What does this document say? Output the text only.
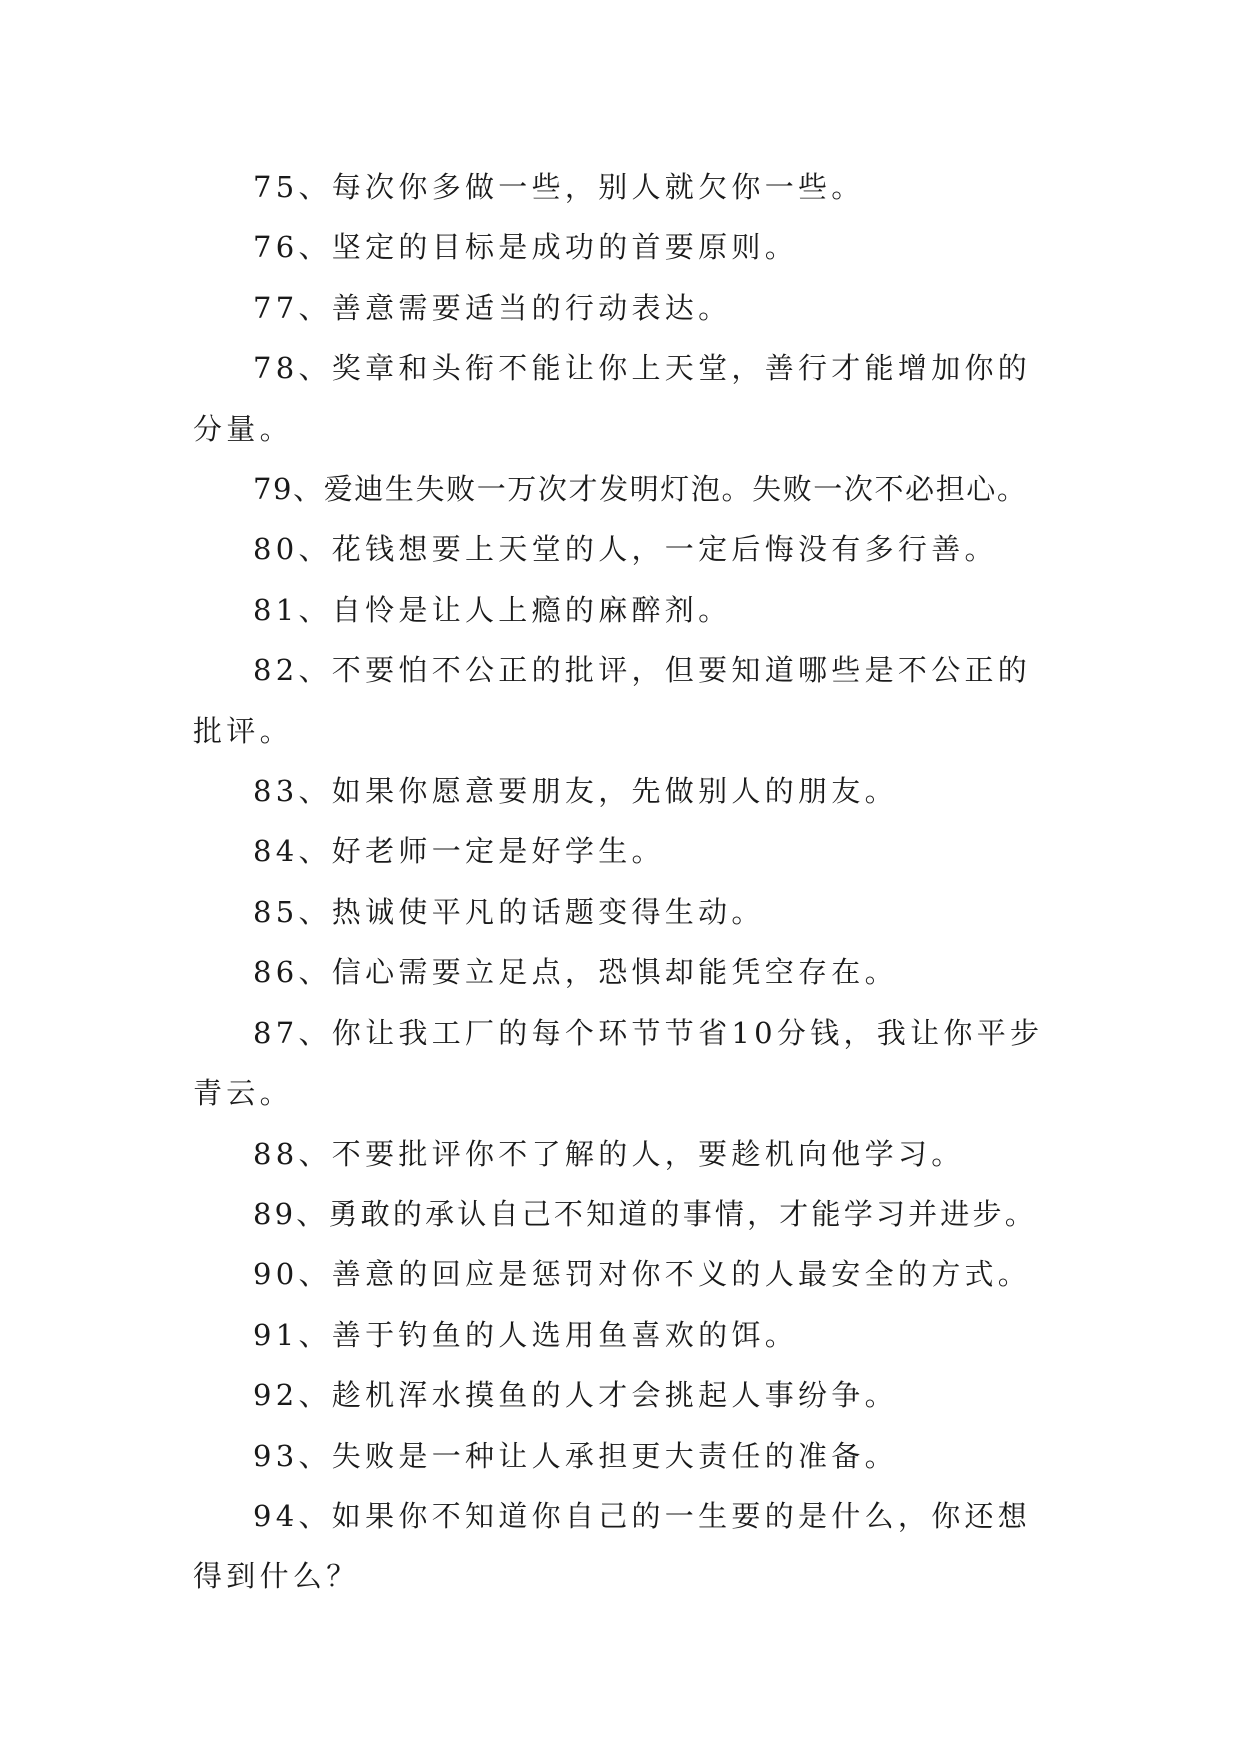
75、每次你多做一些，别人就欠你一些。

76、坚定的目标是成功的首要原则。

77、善意需要适当的行动表达。

78、奖章和头衔不能让你上天堂，善行才能增加你的分量。

79、爱迪生失败一万次才发明灯泡。失败一次不必担心。

80、花钱想要上天堂的人，一定后悔没有多行善。

81、自怜是让人上瘾的麻醉剂。

82、不要怕不公正的批评，但要知道哪些是不公正的批评。

83、如果你愿意要朋友，先做别人的朋友。

84、好老师一定是好学生。

85、热诚使平凡的话题变得生动。

86、信心需要立足点，恐惧却能凭空存在。

87、你让我工厂的每个环节节省10分钱，我让你平步青云。

88、不要批评你不了解的人，要趁机向他学习。

89、勇敢的承认自己不知道的事情，才能学习并进步。

90、善意的回应是惩罚对你不义的人最安全的方式。

91、善于钓鱼的人选用鱼喜欢的饵。

92、趁机浑水摸鱼的人才会挑起人事纷争。

93、失败是一种让人承担更大责任的准备。

94、如果你不知道你自己的一生要的是什么，你还想得到什么？
